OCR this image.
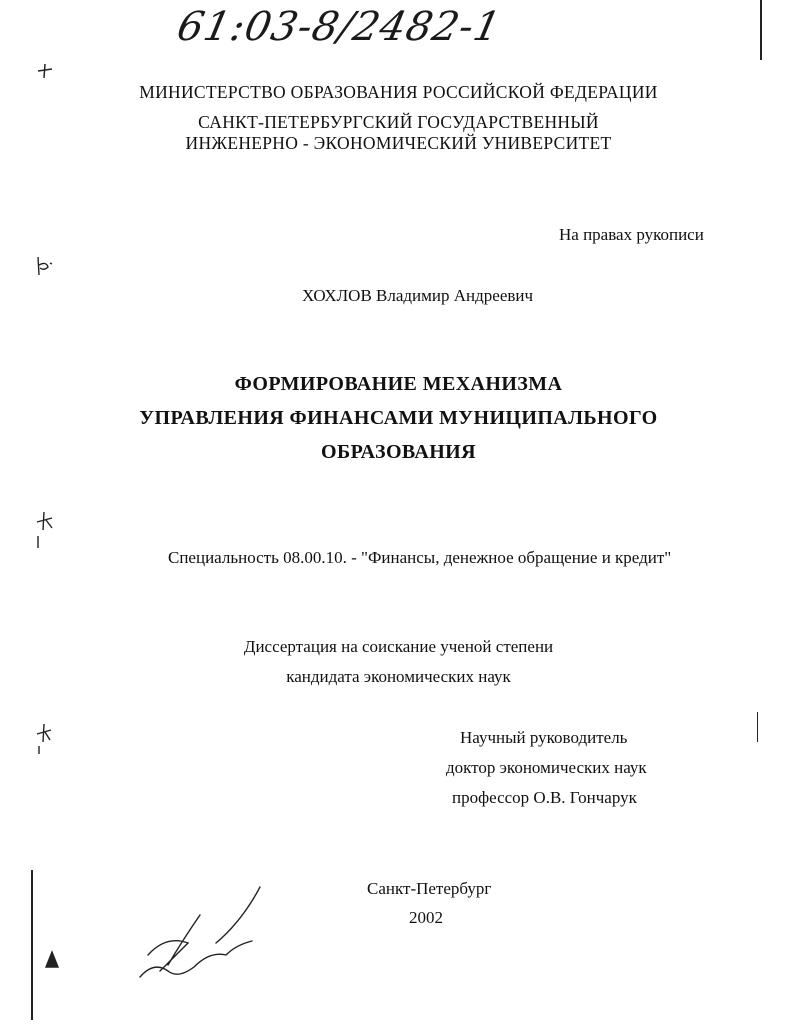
61:03-8/2482-1
МИНИСТЕРСТВО ОБРАЗОВАНИЯ РОССИЙСКОЙ ФЕДЕРАЦИИ
САНКТ-ПЕТЕРБУРГСКИЙ ГОСУДАРСТВЕННЫЙ
ИНЖЕНЕРНО - ЭКОНОМИЧЕСКИЙ УНИВЕРСИТЕТ
На правах рукописи
ХОХЛОВ Владимир Андреевич
ФОРМИРОВАНИЕ МЕХАНИЗМА
УПРАВЛЕНИЯ ФИНАНСАМИ МУНИЦИПАЛЬНОГО
ОБРАЗОВАНИЯ
Специальность 08.00.10. - "Финансы, денежное обращение и кредит"
Диссертация на соискание ученой степени
кандидата экономических наук
Научный руководитель
доктор экономических наук
профессор О.В. Гончарук
Санкт-Петербург
2002
